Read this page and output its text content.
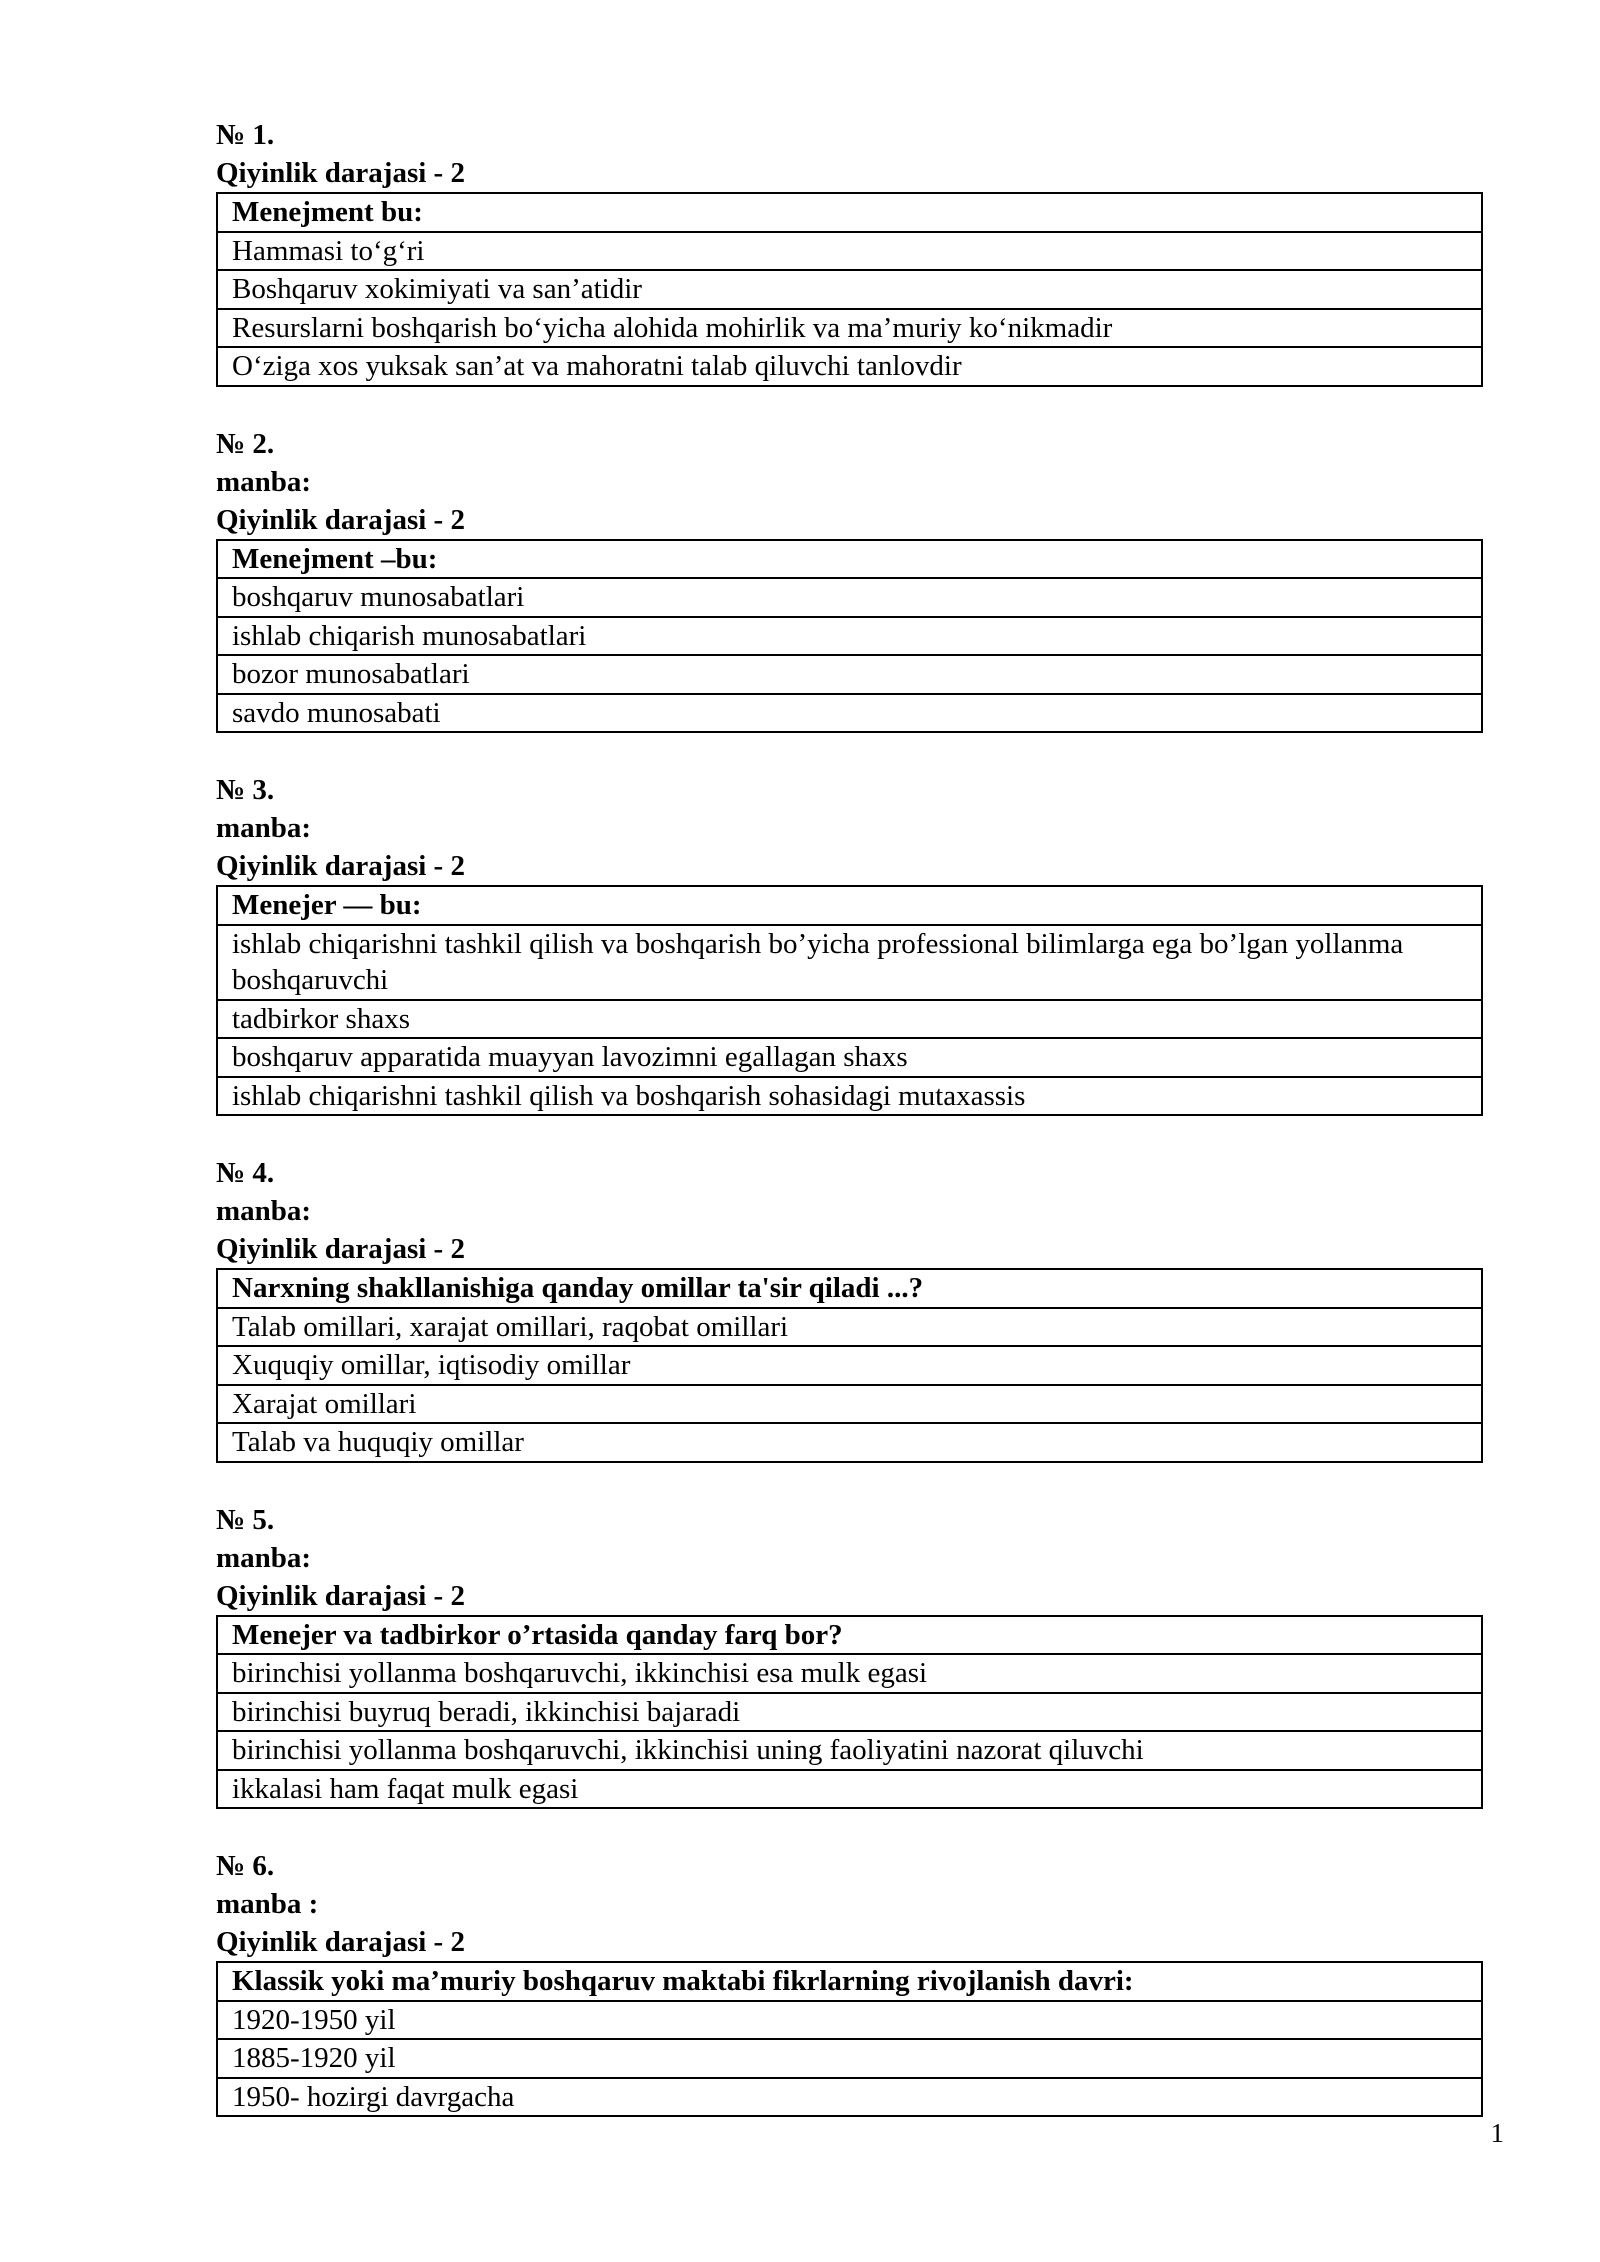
№ 1.
Qiyinlik darajasi - 2
Menejment bu:
Hammasi to‘g‘ri
Boshqaruv xokimiyati va san’atidir
Resurslarni boshqarish bo‘yicha alohida mohirlik va ma’muriy ko‘nikmadir
O‘ziga xos yuksak san’at va mahoratni talab qiluvchi tanlovdir
№ 2.
manba:
Qiyinlik darajasi - 2
Menejment –bu:
boshqaruv munosabatlari
ishlab chiqarish munosabatlari
bozor munosabatlari
savdo munosabati
№ 3.
manba:
Qiyinlik darajasi - 2
Menejer — bu:
ishlab chiqarishni tashkil qilish va boshqarish bo’yicha professional bilimlarga ega bo’lgan yollanma boshqaruvchi
tadbirkor shaxs
boshqaruv apparatida muayyan lavozimni egallagan shaxs
ishlab chiqarishni tashkil qilish va boshqarish sohasidagi mutaxassis
№ 4.
manba:
Qiyinlik darajasi - 2
Narxning shakllanishiga qanday omillar ta'sir qiladi ...?
Talab omillari, xarajat omillari, raqobat omillari
Xuquqiy omillar, iqtisodiy omillar
Xarajat omillari
Talab va huquqiy omillar
№ 5.
manba:
Qiyinlik darajasi - 2
Menejer va tadbirkor o’rtasida qanday farq bor?
birinchisi yollanma boshqaruvchi, ikkinchisi esa mulk egasi
birinchisi buyruq beradi, ikkinchisi bajaradi
birinchisi yollanma boshqaruvchi, ikkinchisi uning faoliyatini nazorat qiluvchi
ikkalasi ham faqat mulk egasi
№ 6.
manba :
Qiyinlik darajasi - 2
Klassik yoki ma’muriy boshqaruv maktabi fikrlarning rivojlanish davri:
1920-1950 yil
1885-1920 yil
1950- hozirgi davrgacha
1
